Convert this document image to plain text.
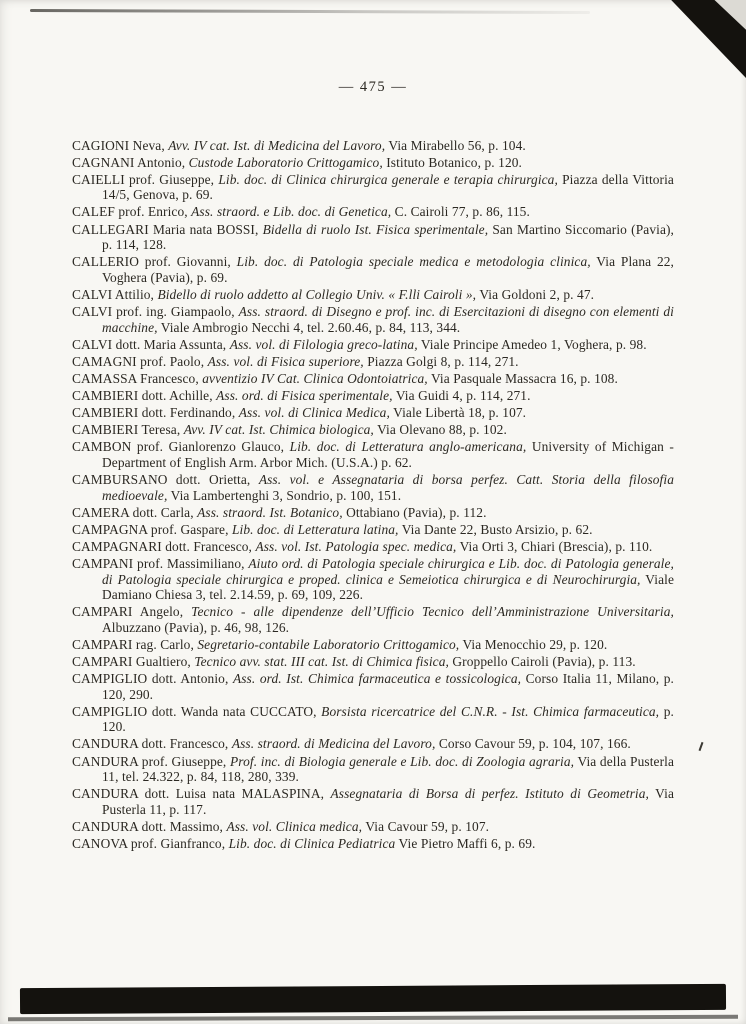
— 475 —

CAGIONI Neva, Avv. IV cat. Ist. di Medicina del Lavoro, Via Mirabello 56, p. 104.

CAGNANI Antonio, Custode Laboratorio Crittogamico, Istituto Botanico, p. 120.

CAIELLI prof. Giuseppe, Lib. doc. di Clinica chirurgica generale e terapia chirurgica, Piazza della Vittoria 14/5, Genova, p. 69.

CALEF prof. Enrico, Ass. straord. e Lib. doc. di Genetica, C. Cairoli 77, p. 86, 115.

CALLEGARI Maria nata BOSSI, Bidella di ruolo Ist. Fisica sperimentale, San Martino Siccomario (Pavia), p. 114, 128.

CALLERIO prof. Giovanni, Lib. doc. di Patologia speciale medica e metodologia clinica, Via Plana 22, Voghera (Pavia), p. 69.

CALVI Attilio, Bidello di ruolo addetto al Collegio Univ. « F.lli Cairoli », Via Goldoni 2, p. 47.

CALVI prof. ing. Giampaolo, Ass. straord. di Disegno e prof. inc. di Esercitazioni di disegno con elementi di macchine, Viale Ambrogio Necchi 4, tel. 2.60.46, p. 84, 113, 344.

CALVI dott. Maria Assunta, Ass. vol. di Filologia greco-latina, Viale Principe Amedeo 1, Voghera, p. 98.

CAMAGNI prof. Paolo, Ass. vol. di Fisica superiore, Piazza Golgi 8, p. 114, 271.

CAMASSA Francesco, avventizio IV Cat. Clinica Odontoiatrica, Via Pasquale Massacra 16, p. 108.

CAMBIERI dott. Achille, Ass. ord. di Fisica sperimentale, Via Guidi 4, p. 114, 271.

CAMBIERI dott. Ferdinando, Ass. vol. di Clinica Medica, Viale Libertà 18, p. 107.

CAMBIERI Teresa, Avv. IV cat. Ist. Chimica biologica, Via Olevano 88, p. 102.

CAMBON prof. Gianlorenzo Glauco, Lib. doc. di Letteratura anglo-americana, University of Michigan - Department of English Arm. Arbor Mich. (U.S.A.) p. 62.

CAMBURSANO dott. Orietta, Ass. vol. e Assegnataria di borsa perfez. Catt. Storia della filosofia medioevale, Via Lambertenghi 3, Sondrio, p. 100, 151.

CAMERA dott. Carla, Ass. straord. Ist. Botanico, Ottabiano (Pavia), p. 112.

CAMPAGNA prof. Gaspare, Lib. doc. di Letteratura latina, Via Dante 22, Busto Arsizio, p. 62.

CAMPAGNARI dott. Francesco, Ass. vol. Ist. Patologia spec. medica, Via Orti 3, Chiari (Brescia), p. 110.

CAMPANI prof. Massimiliano, Aiuto ord. di Patologia speciale chirurgica e Lib. doc. di Patologia generale, di Patologia speciale chirurgica e proped. clinica e Semeiotica chirurgica e di Neurochirurgia, Viale Damiano Chiesa 3, tel. 2.14.59, p. 69, 109, 226.

CAMPARI Angelo, Tecnico - alle dipendenze dell’Ufficio Tecnico dell’Amministrazione Universitaria, Albuzzano (Pavia), p. 46, 98, 126.

CAMPARI rag. Carlo, Segretario-contabile Laboratorio Crittogamico, Via Menocchio 29, p. 120.

CAMPARI Gualtiero, Tecnico avv. stat. III cat. Ist. di Chimica fisica, Groppello Cairoli (Pavia), p. 113.

CAMPIGLIO dott. Antonio, Ass. ord. Ist. Chimica farmaceutica e tossicologica, Corso Italia 11, Milano, p. 120, 290.

CAMPIGLIO dott. Wanda nata CUCCATO, Borsista ricercatrice del C.N.R. - Ist. Chimica farmaceutica, p. 120.

CANDURA dott. Francesco, Ass. straord. di Medicina del Lavoro, Corso Cavour 59, p. 104, 107, 166.

CANDURA prof. Giuseppe, Prof. inc. di Biologia generale e Lib. doc. di Zoologia agraria, Via della Pusterla 11, tel. 24.322, p. 84, 118, 280, 339.

CANDURA dott. Luisa nata MALASPINA, Assegnataria di Borsa di perfez. Istituto di Geometria, Via Pusterla 11, p. 117.

CANDURA dott. Massimo, Ass. vol. Clinica medica, Via Cavour 59, p. 107.

CANOVA prof. Gianfranco, Lib. doc. di Clinica Pediatrica Vie Pietro Maffi 6, p. 69.
